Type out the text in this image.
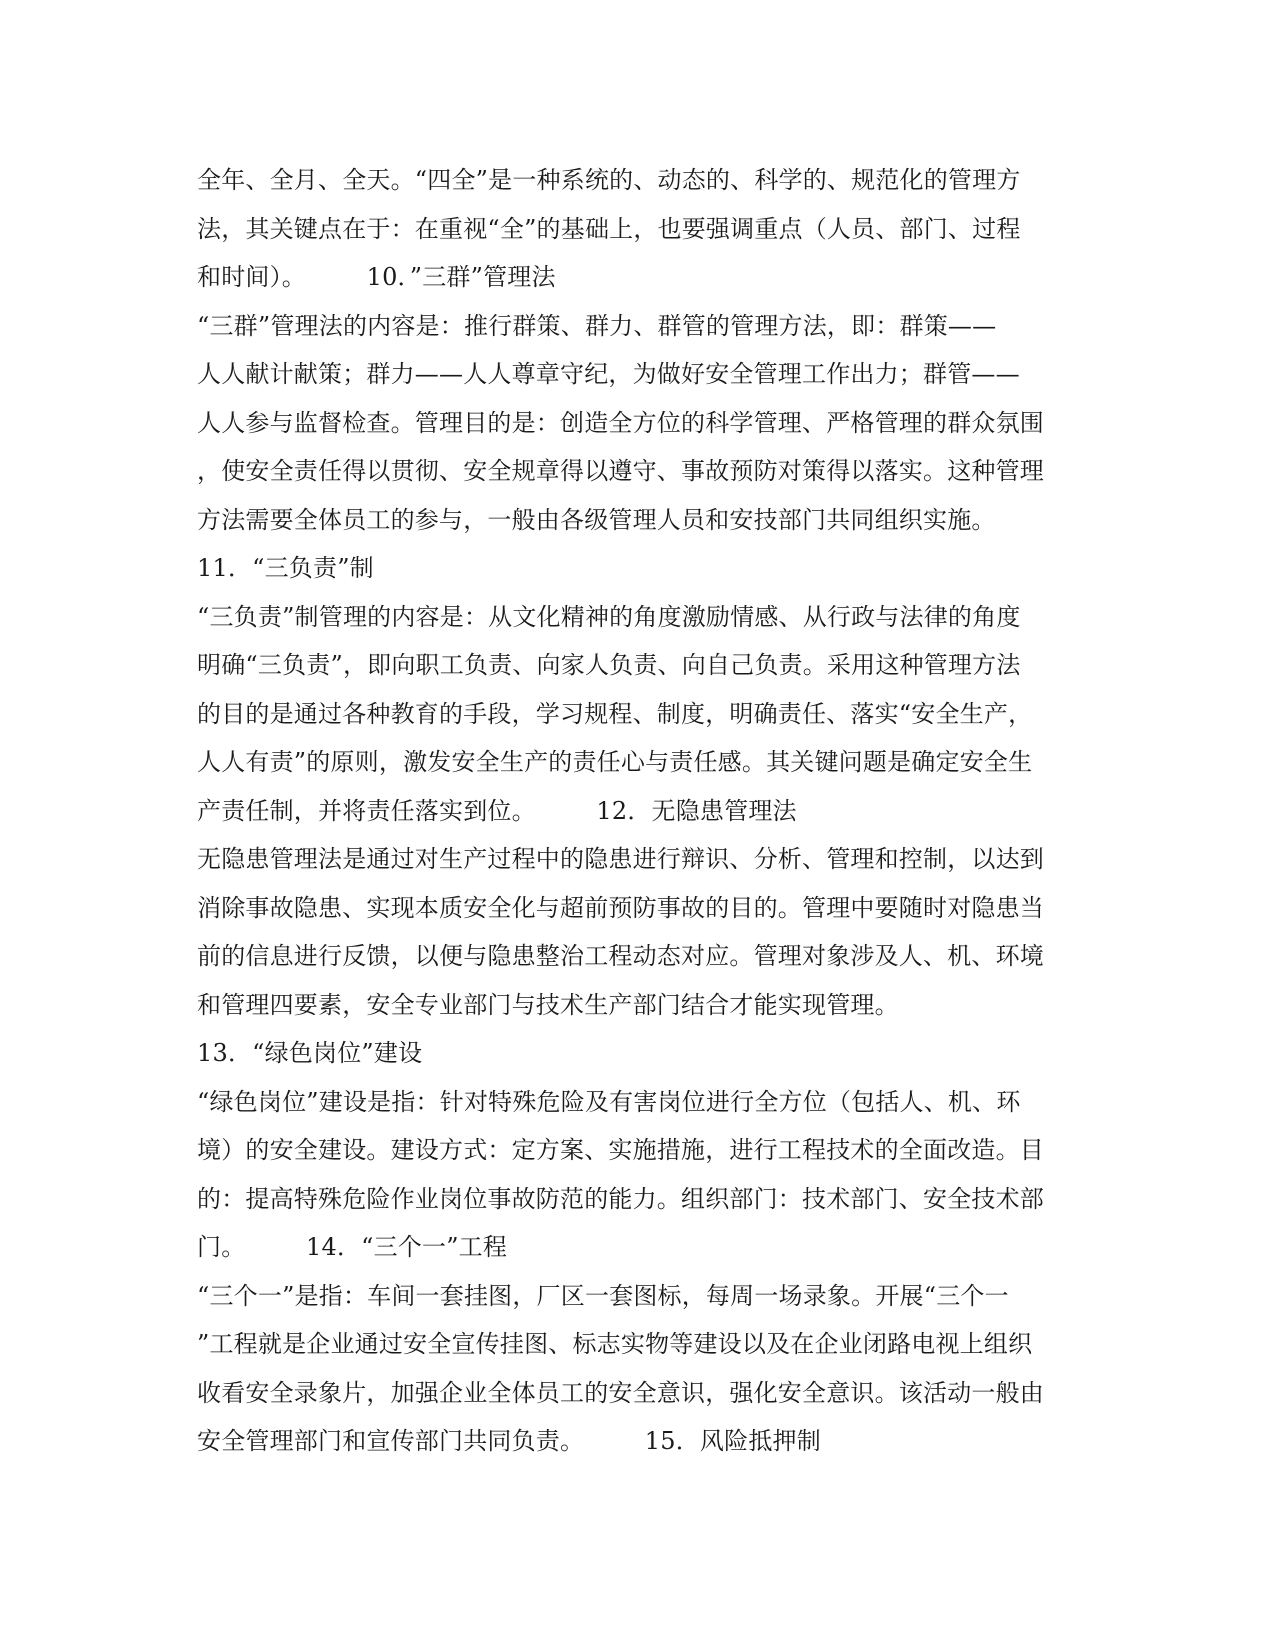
全年、全月、全天。“四全”是一种系统的、动态的、科学的、规范化的管理方
法，其关键点在于：在重视“全”的基础上，也要强调重点（人员、部门、过程
和时间）。　　　10．”三群”管理法
“三群”管理法的内容是：推行群策、群力、群管的管理方法，即：群策——
人人献计献策；群力——人人尊章守纪，为做好安全管理工作出力；群管——
人人参与监督检查。管理目的是：创造全方位的科学管理、严格管理的群众氛围
，使安全责任得以贯彻、安全规章得以遵守、事故预防对策得以落实。这种管理
方法需要全体员工的参与，一般由各级管理人员和安技部门共同组织实施。
11．“三负责”制
“三负责”制管理的内容是：从文化精神的角度激励情感、从行政与法律的角度
明确“三负责”，即向职工负责、向家人负责、向自己负责。采用这种管理方法
的目的是通过各种教育的手段，学习规程、制度，明确责任、落实“安全生产，
人人有责”的原则，激发安全生产的责任心与责任感。其关键问题是确定安全生
产责任制，并将责任落实到位。　　　12．无隐患管理法
无隐患管理法是通过对生产过程中的隐患进行辩识、分析、管理和控制，以达到
消除事故隐患、实现本质安全化与超前预防事故的目的。管理中要随时对隐患当
前的信息进行反馈，以便与隐患整治工程动态对应。管理对象涉及人、机、环境
和管理四要素，安全专业部门与技术生产部门结合才能实现管理。
13．“绿色岗位”建设
“绿色岗位”建设是指：针对特殊危险及有害岗位进行全方位（包括人、机、环
境）的安全建设。建设方式：定方案、实施措施，进行工程技术的全面改造。目
的：提高特殊危险作业岗位事故防范的能力。组织部门：技术部门、安全技术部
门。　　　14．“三个一”工程
“三个一”是指：车间一套挂图，厂区一套图标，每周一场录象。开展“三个一
”工程就是企业通过安全宣传挂图、标志实物等建设以及在企业闭路电视上组织
收看安全录象片，加强企业全体员工的安全意识，强化安全意识。该活动一般由
安全管理部门和宣传部门共同负责。　　　15．风险抵押制
